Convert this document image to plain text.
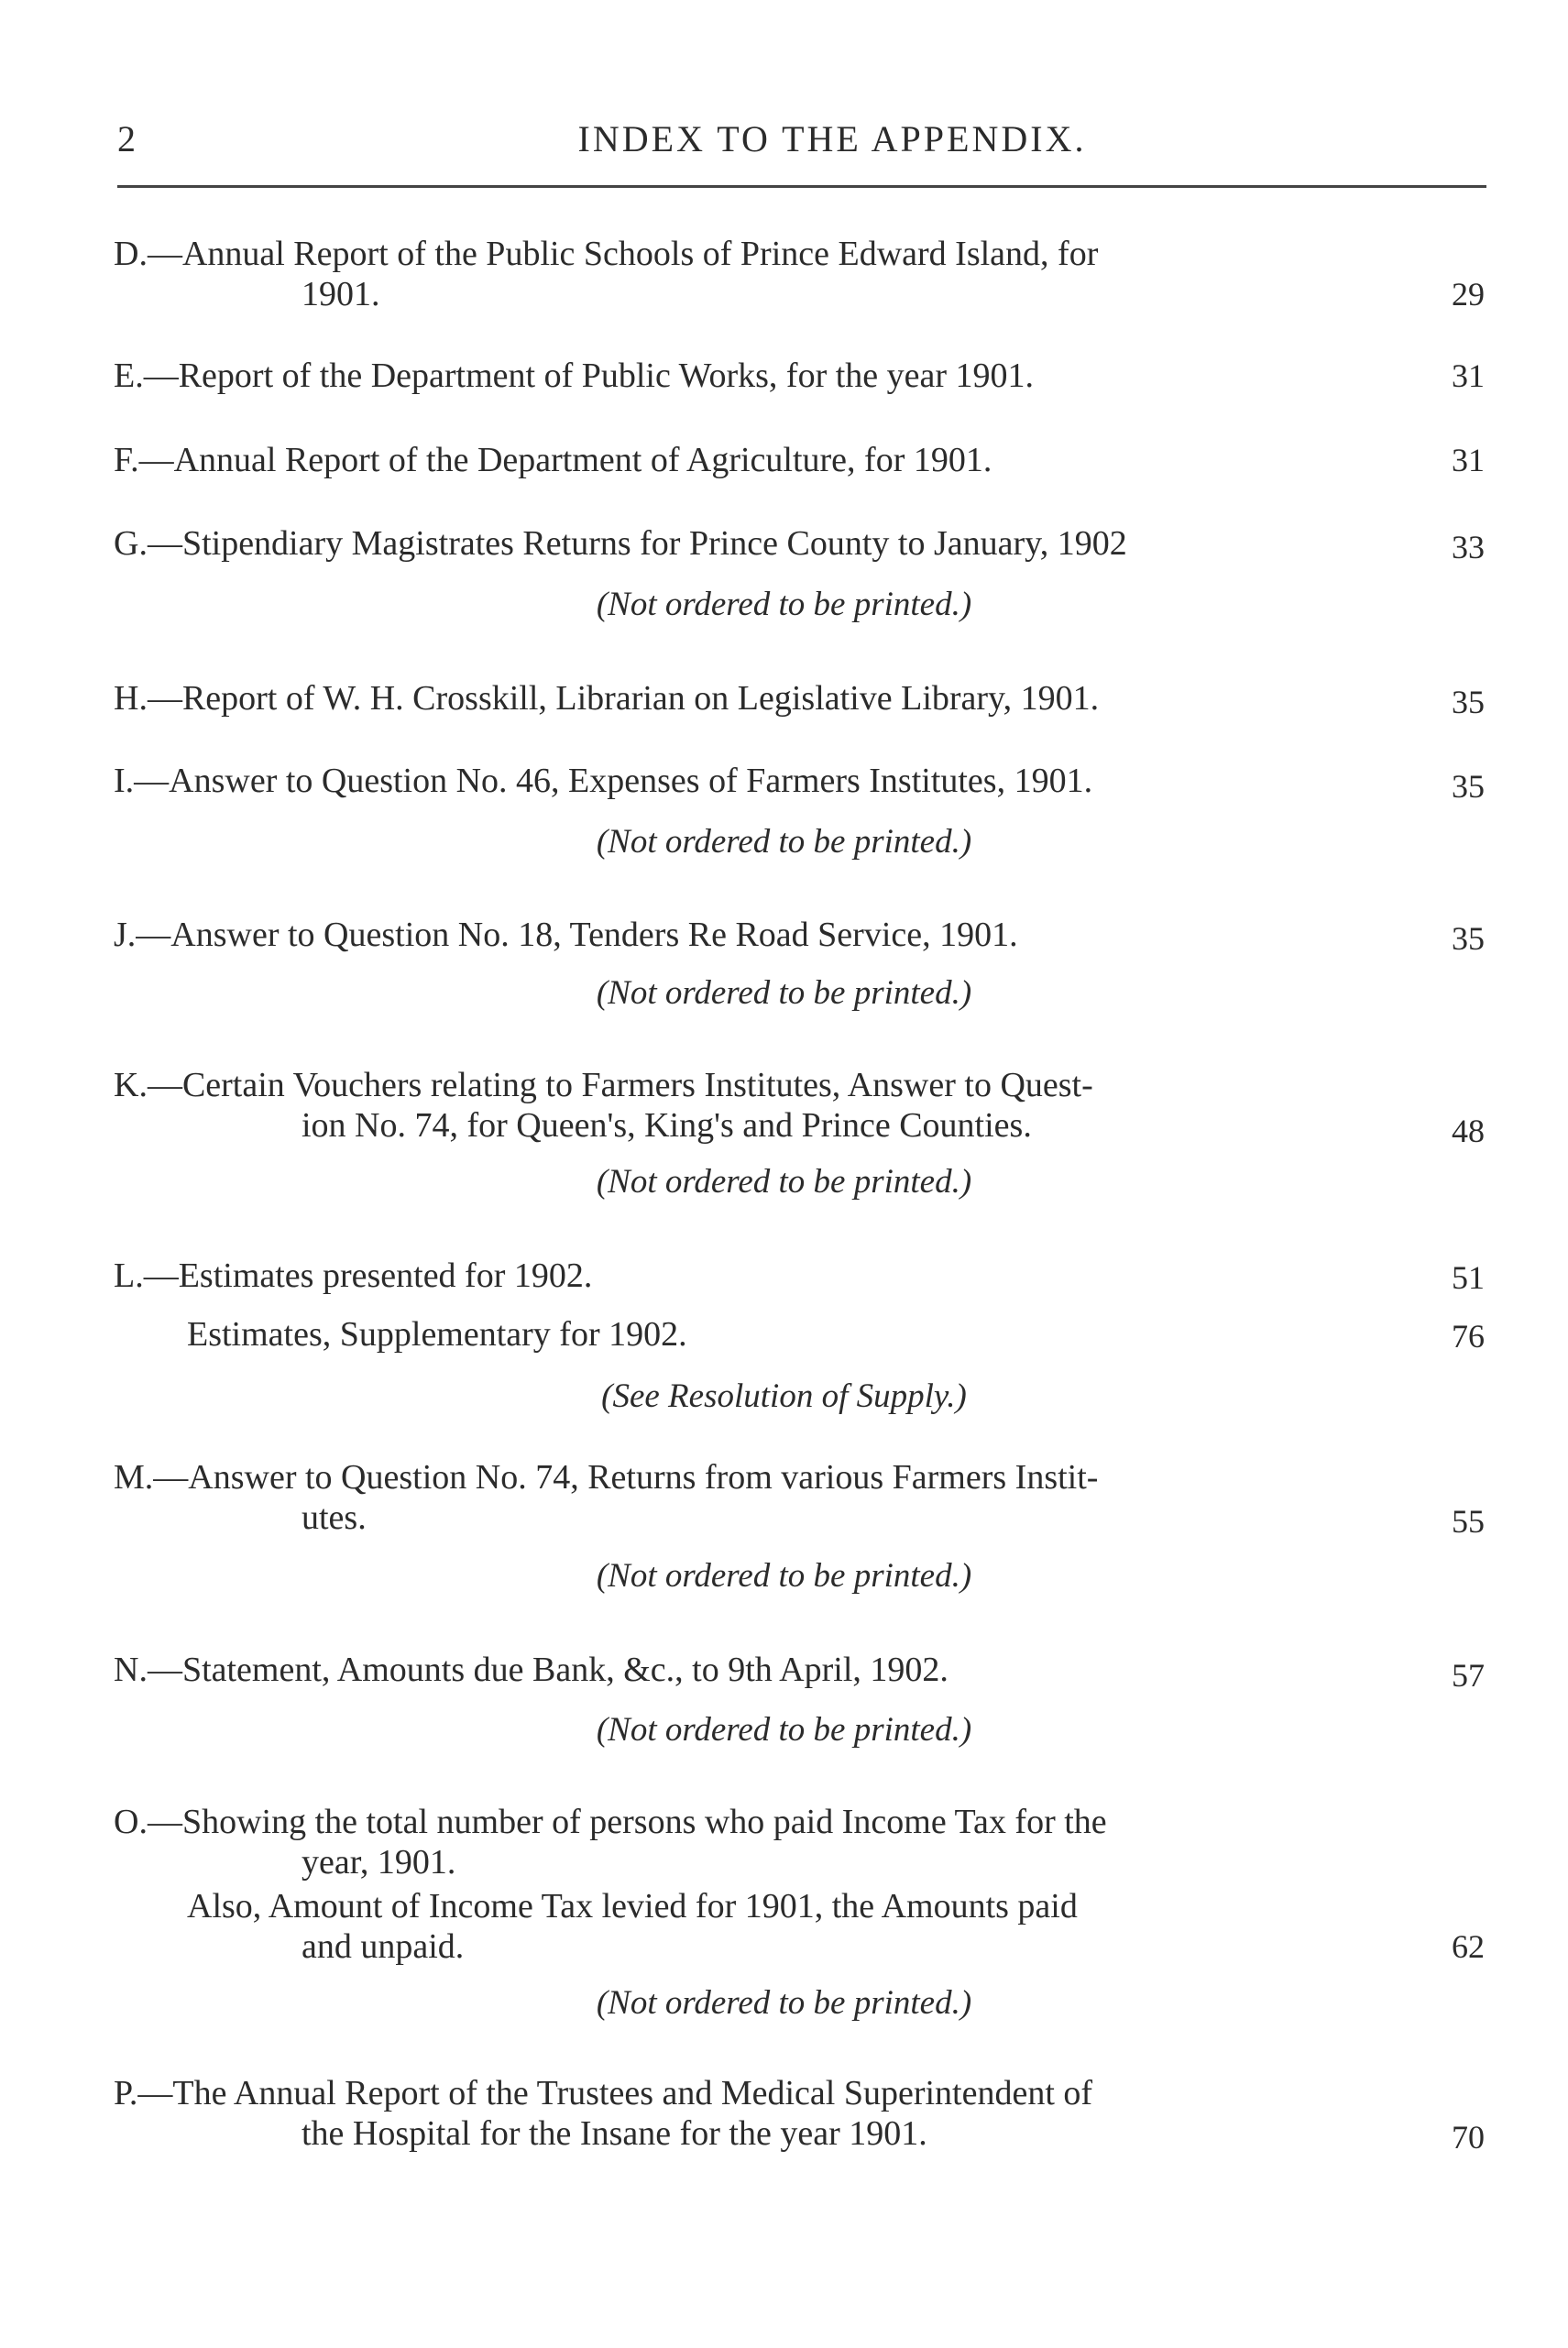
2	INDEX TO THE APPENDIX.
D.—Annual Report of the Public Schools of Prince Edward Island, for
1901.	29
E.—Report of the Department of Public Works, for the year 1901.	31
F.—Annual Report of the Department of Agriculture, for 1901.	31
G.—Stipendiary Magistrates Returns for Prince County to January, 1902	33
(Not ordered to be printed.)
H.—Report of W. H. Crosskill, Librarian on Legislative Library, 1901.	35
I.—Answer to Question No. 46, Expenses of Farmers Institutes, 1901.	35
(Not ordered to be printed.)
J.—Answer to Question No. 18, Tenders Re Road Service, 1901.	35
(Not ordered to be printed.)
K.—Certain Vouchers relating to Farmers Institutes, Answer to Quest-
ion No. 74, for Queen's, King's and Prince Counties.	48
(Not ordered to be printed.)
L.—Estimates presented for 1902.	51
Estimates, Supplementary for 1902.	76
(See Resolution of Supply.)
M.—Answer to Question No. 74, Returns from various Farmers Instit-
utes.	55
(Not ordered to be printed.)
N.—Statement, Amounts due Bank, &c., to 9th April, 1902.	57
(Not ordered to be printed.)
O.—Showing the total number of persons who paid Income Tax for the
year, 1901.
Also, Amount of Income Tax levied for 1901, the Amounts paid
and unpaid.	62
(Not ordered to be printed.)
P.—The Annual Report of the Trustees and Medical Superintendent of
the Hospital for the Insane for the year 1901.	70
